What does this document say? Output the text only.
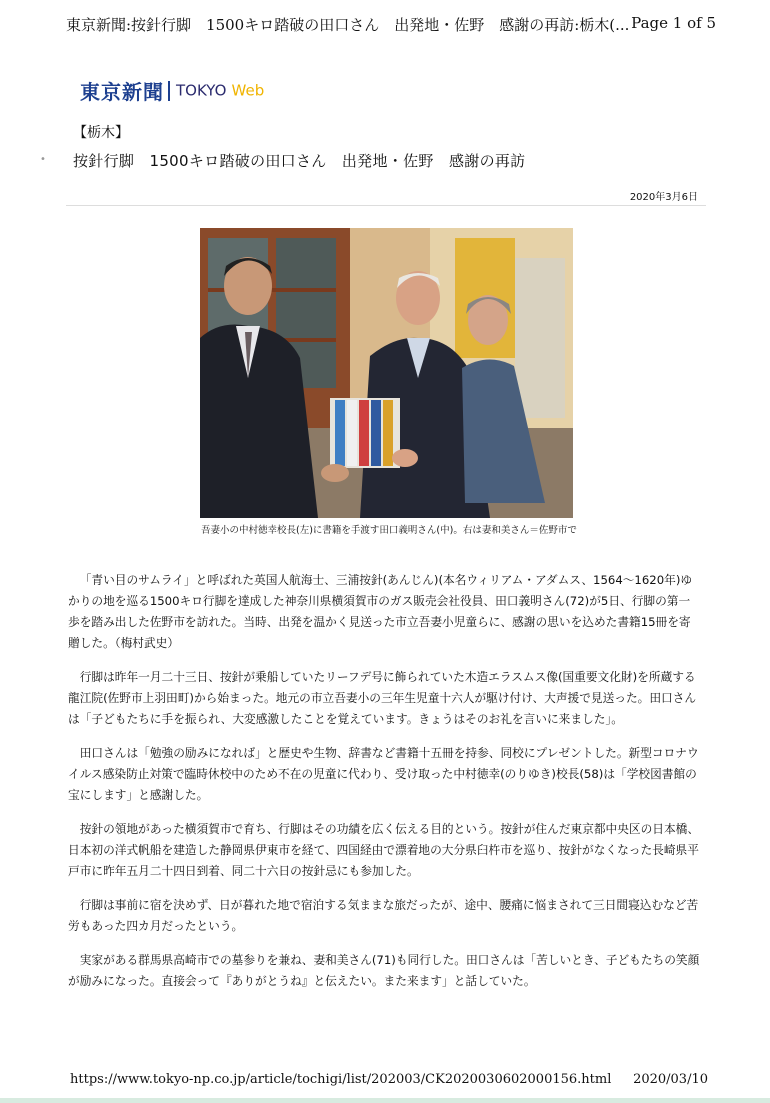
東京新聞:按針行脚　1500キロ踏破の田口さん　出発地・佐野　感謝の再訪:栃木(... Page 1 of 5
東京新聞 TOKYO Web
•
【栃木】
按針行脚　1500キロ踏破の田口さん　出発地・佐野　感謝の再訪
2020年3月6日
吾妻小の中村徳幸校長(左)に書籍を手渡す田口義明さん(中)。右は妻和美さん＝佐野市で

「青い目のサムライ」と呼ばれた英国人航海士、三浦按針(あんじん)(本名ウィリアム・アダムス、1564～1620年)ゆかりの地を巡る1500キロ行脚を達成した神奈川県横須賀市のガス販売会社役員、田口義明さん(72)が5日、行脚の第一歩を踏み出した佐野市を訪れた。当時、出発を温かく見送った市立吾妻小児童らに、感謝の思いを込めた書籍15冊を寄贈した。（梅村武史）

行脚は昨年一月二十三日、按針が乗船していたリーフデ号に飾られていた木造エラスムス像(国重要文化財)を所蔵する龍江院(佐野市上羽田町)から始まった。地元の市立吾妻小の三年生児童十六人が駆け付け、大声援で見送った。田口さんは「子どもたちに手を振られ、大変感激したことを覚えています。きょうはそのお礼を言いに来ました」。

田口さんは「勉強の励みになれば」と歴史や生物、辞書など書籍十五冊を持参、同校にプレゼントした。新型コロナウイルス感染防止対策で臨時休校中のため不在の児童に代わり、受け取った中村徳幸(のりゆき)校長(58)は「学校図書館の宝にします」と感謝した。

按針の領地があった横須賀市で育ち、行脚はその功績を広く伝える目的という。按針が住んだ東京都中央区の日本橋、日本初の洋式帆船を建造した静岡県伊東市を経て、四国経由で漂着地の大分県臼杵市を巡り、按針がなくなった長崎県平戸市に昨年五月二十四日到着、同二十六日の按針忌にも参加した。

行脚は事前に宿を決めず、日が暮れた地で宿泊する気ままな旅だったが、途中、腰痛に悩まされて三日間寝込むなど苦労もあった四カ月だったという。

実家がある群馬県高崎市での墓参りを兼ね、妻和美さん(71)も同行した。田口さんは「苦しいとき、子どもたちの笑顔が励みになった。直接会って『ありがとうね』と伝えたい。また来ます」と話していた。

https://www.tokyo-np.co.jp/article/tochigi/list/202003/CK2020030602000156.html 2020/03/10
